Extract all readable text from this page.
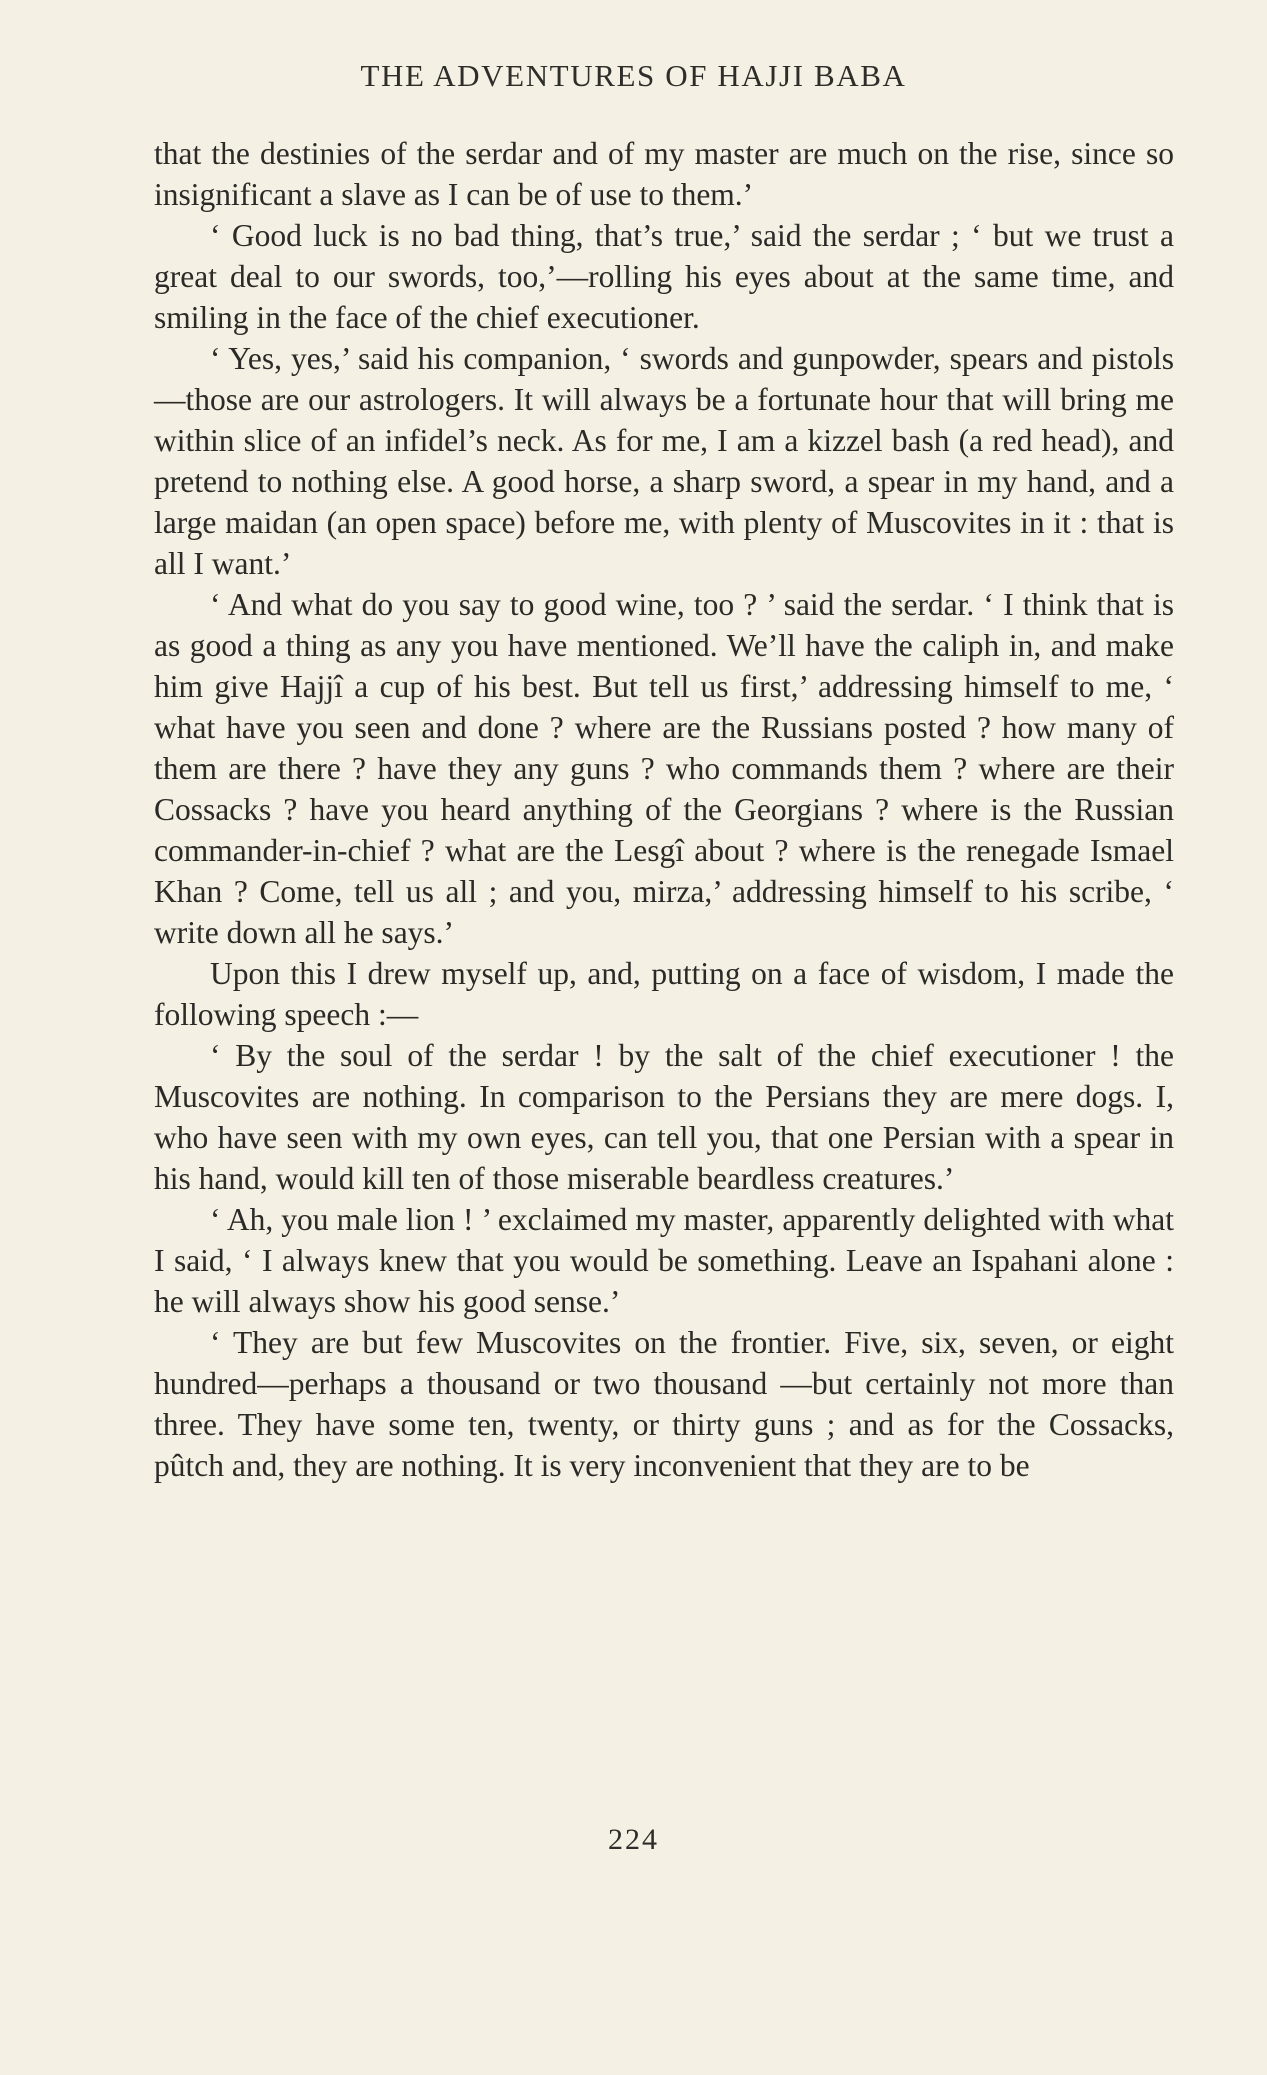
THE ADVENTURES OF HAJJI BABA

that the destinies of the serdar and of my master are much on the rise, since so insignificant a slave as I can be of use to them.’

‘ Good luck is no bad thing, that’s true,’ said the serdar ; ‘ but we trust a great deal to our swords, too,’—rolling his eyes about at the same time, and smiling in the face of the chief executioner.

‘ Yes, yes,’ said his companion, ‘ swords and gunpowder, spears and pistols—those are our astrologers. It will always be a fortunate hour that will bring me within slice of an infidel’s neck. As for me, I am a kizzel bash (a red head), and pretend to nothing else. A good horse, a sharp sword, a spear in my hand, and a large maidan (an open space) before me, with plenty of Muscovites in it : that is all I want.’

‘ And what do you say to good wine, too ? ’ said the serdar. ‘ I think that is as good a thing as any you have mentioned. We’ll have the caliph in, and make him give Hajjî a cup of his best. But tell us first,’ addressing himself to me, ‘ what have you seen and done ? where are the Russians posted ? how many of them are there ? have they any guns ? who commands them ? where are their Cossacks ? have you heard anything of the Georgians ? where is the Russian commander-in-chief ? what are the Lesgî about ? where is the renegade Ismael Khan ? Come, tell us all ; and you, mirza,’ addressing himself to his scribe, ‘ write down all he says.’

Upon this I drew myself up, and, putting on a face of wisdom, I made the following speech :—

‘ By the soul of the serdar ! by the salt of the chief executioner ! the Muscovites are nothing. In comparison to the Persians they are mere dogs. I, who have seen with my own eyes, can tell you, that one Persian with a spear in his hand, would kill ten of those miserable beardless creatures.’

‘ Ah, you male lion ! ’ exclaimed my master, apparently delighted with what I said, ‘ I always knew that you would be something. Leave an Ispahani alone : he will always show his good sense.’

‘ They are but few Muscovites on the frontier. Five, six, seven, or eight hundred—perhaps a thousand or two thousand —but certainly not more than three. They have some ten, twenty, or thirty guns ; and as for the Cossacks, pûtch and, they are nothing. It is very inconvenient that they are to be

224
